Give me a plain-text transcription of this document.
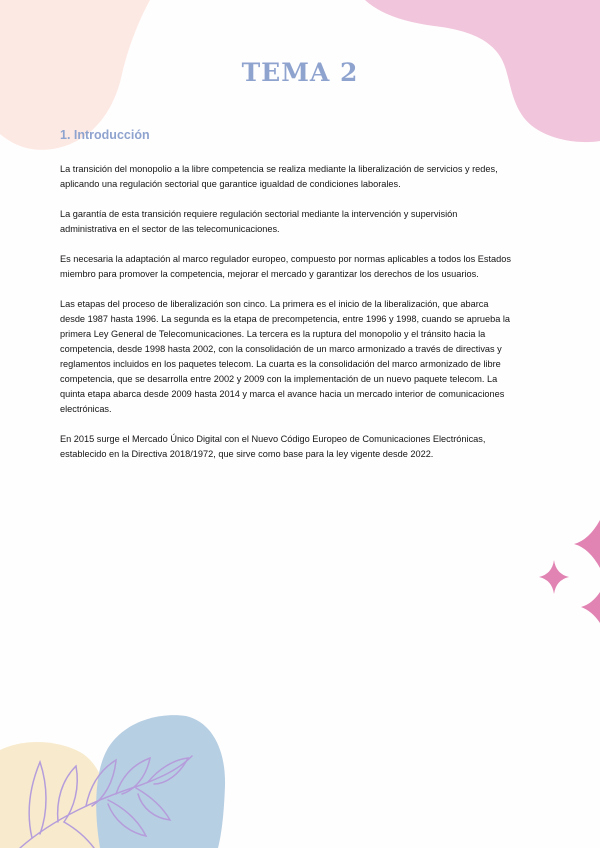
TEMA 2
1. Introducción

La transición del monopolio a la libre competencia se realiza mediante la liberalización de servicios y redes, aplicando una regulación sectorial que garantice igualdad de condiciones laborales.

La garantía de esta transición requiere regulación sectorial mediante la intervención y supervisión administrativa en el sector de las telecomunicaciones.

Es necesaria la adaptación al marco regulador europeo, compuesto por normas aplicables a todos los Estados miembro para promover la competencia, mejorar el mercado y garantizar los derechos de los usuarios.

Las etapas del proceso de liberalización son cinco. La primera es el inicio de la liberalización, que abarca desde 1987 hasta 1996. La segunda es la etapa de precompetencia, entre 1996 y 1998, cuando se aprueba la primera Ley General de Telecomunicaciones. La tercera es la ruptura del monopolio y el tránsito hacia la competencia, desde 1998 hasta 2002, con la consolidación de un marco armonizado a través de directivas y reglamentos incluidos en los paquetes telecom. La cuarta es la consolidación del marco armonizado de libre competencia, que se desarrolla entre 2002 y 2009 con la implementación de un nuevo paquete telecom. La quinta etapa abarca desde 2009 hasta 2014 y marca el avance hacia un mercado interior de comunicaciones electrónicas.

En 2015 surge el Mercado Único Digital con el Nuevo Código Europeo de Comunicaciones Electrónicas, establecido en la Directiva 2018/1972, que sirve como base para la ley vigente desde 2022.
